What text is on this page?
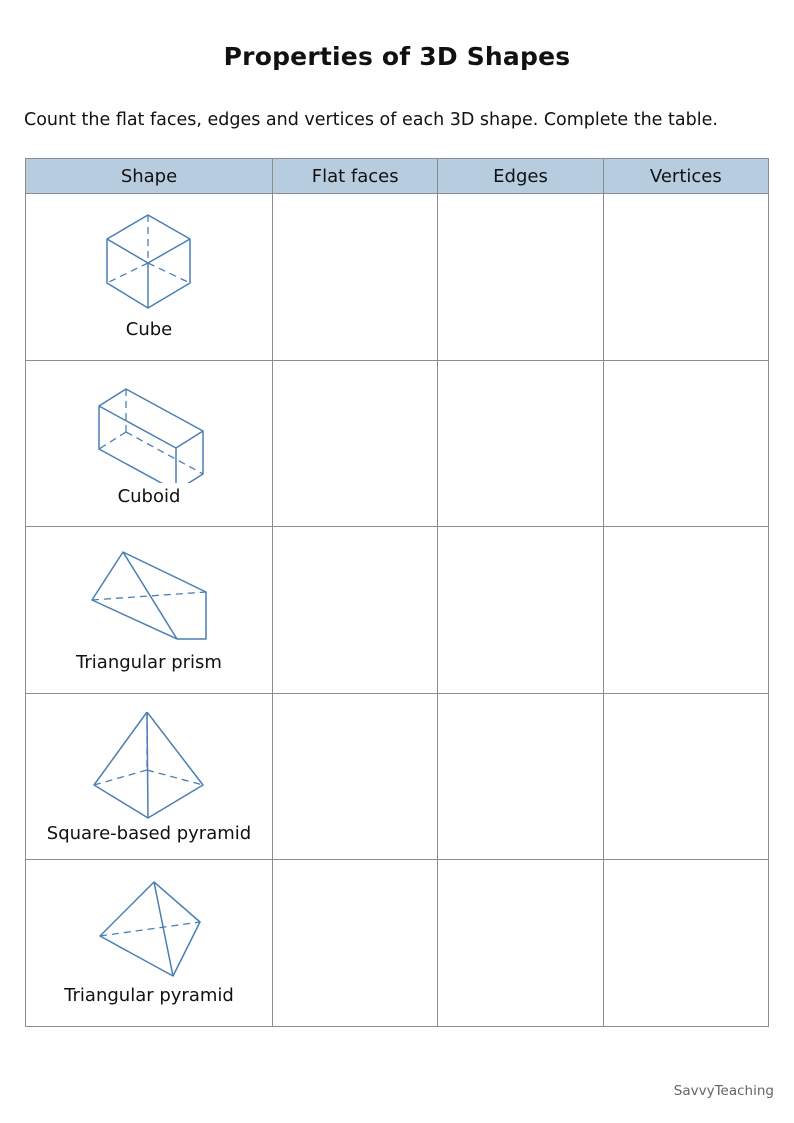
Properties of 3D Shapes
Count the flat faces, edges and vertices of each 3D shape. Complete the table.
Shape	Flat faces	Edges	Vertices

Cube			

Cuboid			

Triangular prism			

Square-based pyramid			

Triangular pyramid			

SavvyTeaching
